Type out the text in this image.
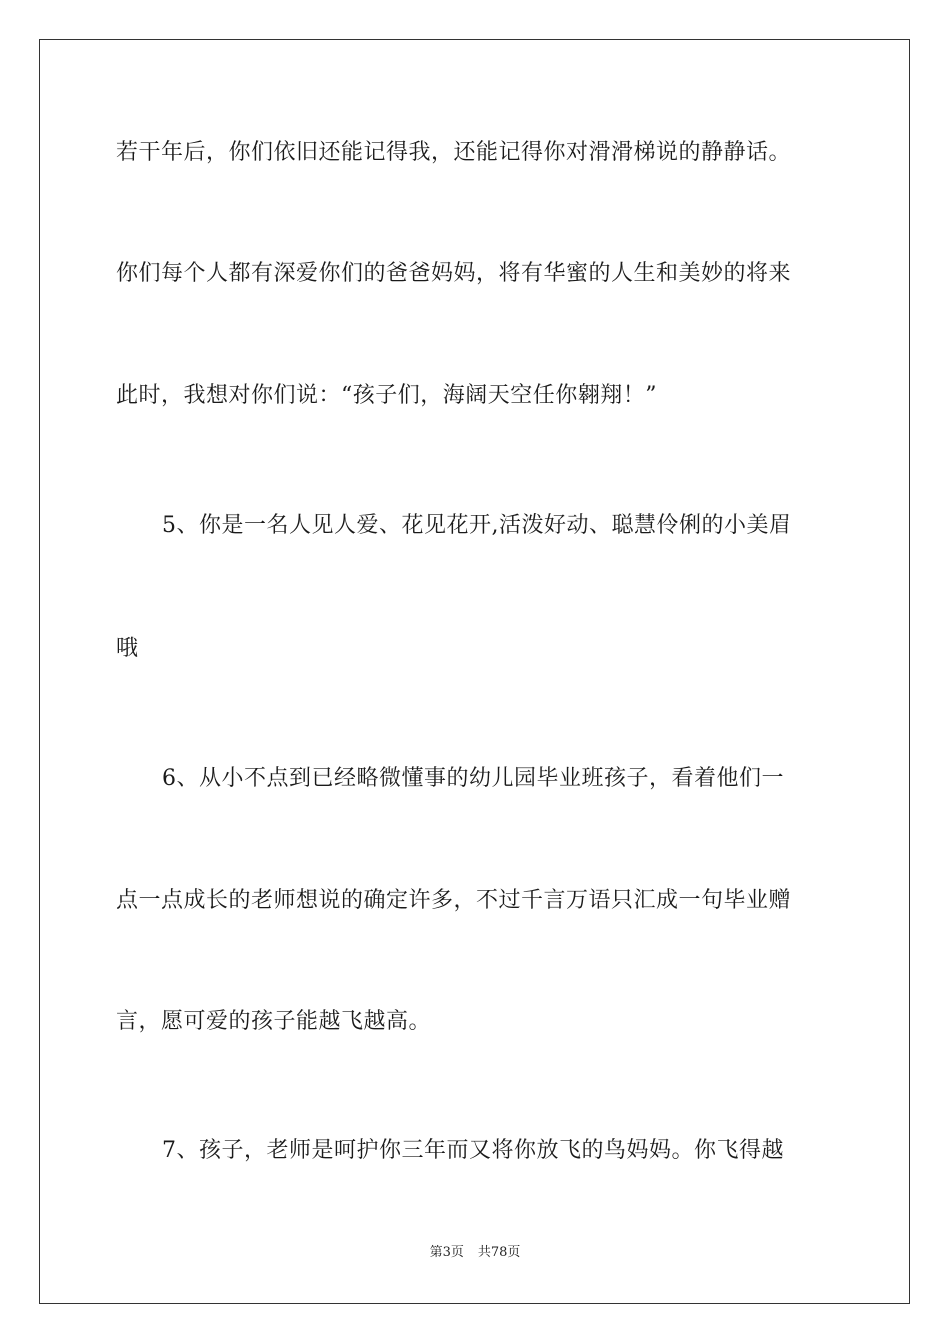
若干年后，你们依旧还能记得我，还能记得你对滑滑梯说的静静话。
你们每个人都有深爱你们的爸爸妈妈，将有华蜜的人生和美妙的将来
此时，我想对你们说：“孩子们，海阔天空任你翱翔！”
5、你是一名人见人爱、花见花开,活泼好动、聪慧伶俐的小美眉
哦
6、从小不点到已经略微懂事的幼儿园毕业班孩子，看着他们一
点一点成长的老师想说的确定许多，不过千言万语只汇成一句毕业赠
言，愿可爱的孩子能越飞越高。
7、孩子，老师是呵护你三年而又将你放飞的鸟妈妈。你飞得越
第3页 共78页
